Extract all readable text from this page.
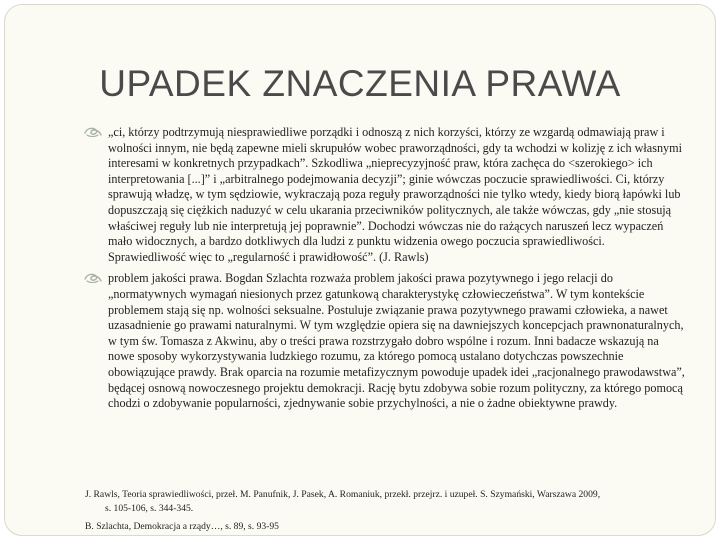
UPADEK ZNACZENIA PRAWA
„ci, którzy podtrzymują niesprawiedliwe porządki i odnoszą z nich korzyści, którzy ze wzgardą odmawiają praw i wolności innym, nie będą zapewne mieli skrupułów wobec praworządności, gdy ta wchodzi w kolizję z ich własnymi interesami w konkretnych przypadkach”. Szkodliwa „nieprecyzyjność praw, która zachęca do <szerokiego> ich interpretowania [...]” i „arbitralnego podejmowania decyzji”; ginie wówczas poczucie sprawiedliwości. Ci, którzy sprawują władzę, w tym sędziowie, wykraczają poza reguły praworządności nie tylko wtedy, kiedy biorą łapówki lub dopuszczają się ciężkich naduzyć w celu ukarania przeciwników politycznych, ale także wówczas, gdy „nie stosują właściwej reguły lub nie interpretują jej poprawnie”. Dochodzi wówczas nie do rażących naruszeń lecz wypaczeń mało widocznych, a bardzo dotkliwych dla ludzi z punktu widzenia owego poczucia sprawiedliwości. Sprawiedliwość więc to „regularność i prawidłowość”. (J. Rawls)
problem jakości prawa. Bogdan Szlachta rozważa problem jakości prawa pozytywnego i jego relacji do „normatywnych wymagań niesionych przez gatunkową charakterystykę człowieczeństwa”. W tym kontekście problemem stają się np. wolności seksualne. Postuluje związanie prawa pozytywnego prawami człowieka, a nawet uzasadnienie go prawami naturalnymi. W tym względzie opiera się na dawniejszych koncepcjach prawnonaturalnych, w tym św. Tomasza z Akwinu, aby o treści prawa rozstrzygało dobro wspólne i rozum. Inni badacze wskazują na nowe sposoby wykorzystywania ludzkiego rozumu, za którego pomocą ustalano dotychczas powszechnie obowiązujące prawdy. Brak oparcia na rozumie metafizycznym powoduje upadek idei „racjonalnego prawodawstwa”, będącej osnową nowoczesnego projektu demokracji. Rację bytu zdobywa sobie rozum polityczny, za którego pomocą chodzi o zdobywanie popularności, zjednywanie sobie przychylności, a nie o żadne obiektywne prawdy.
J. Rawls, Teoria sprawiedliwości, przeł. M. Panufnik, J. Pasek, A. Romaniuk, przekł. przejrz. i uzupeł. S. Szymański, Warszawa 2009,
s. 105-106, s. 344-345.
B. Szlachta, Demokracja a rządy…, s. 89, s. 93-95
